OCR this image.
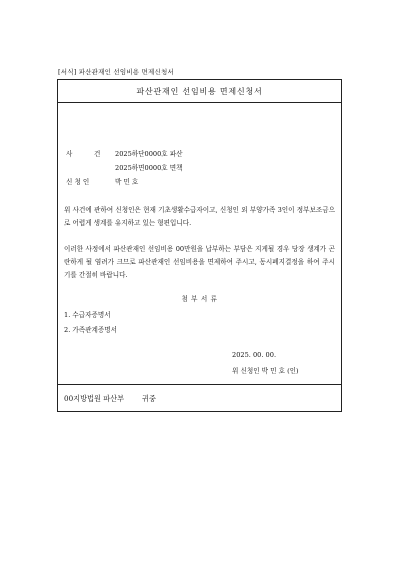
[서식] 파산관재인 선임비용 면제신청서
파산관재인 선임비용 면제신청서
사	건 2025하단0000호 파산
2025하면0000호 면책
신 청 인	박 민 호
위 사건에 관하여 신청인은 현재 기초생활수급자이고, 신청인 외 부양가족 3인이 정부보조금으로 어렵게 생계를 유지하고 있는 형편입니다.
이러한 사정에서 파산관재인 선임비용 00만원을 납부하는 부담은 지게될 경우 당장 생계가 곤란하게 될 염려가 크므로 파산관재인 선임비용을 면제하여 주시고, 동시폐지결정을 하여 주시기를 간절히 바랍니다.
첨 부 서 류
1. 수급자증명서
2. 가족관계증명서
2025. 00. 00.
위 신청인 박 민 호 (인)
00지방법원 파산부 귀중
